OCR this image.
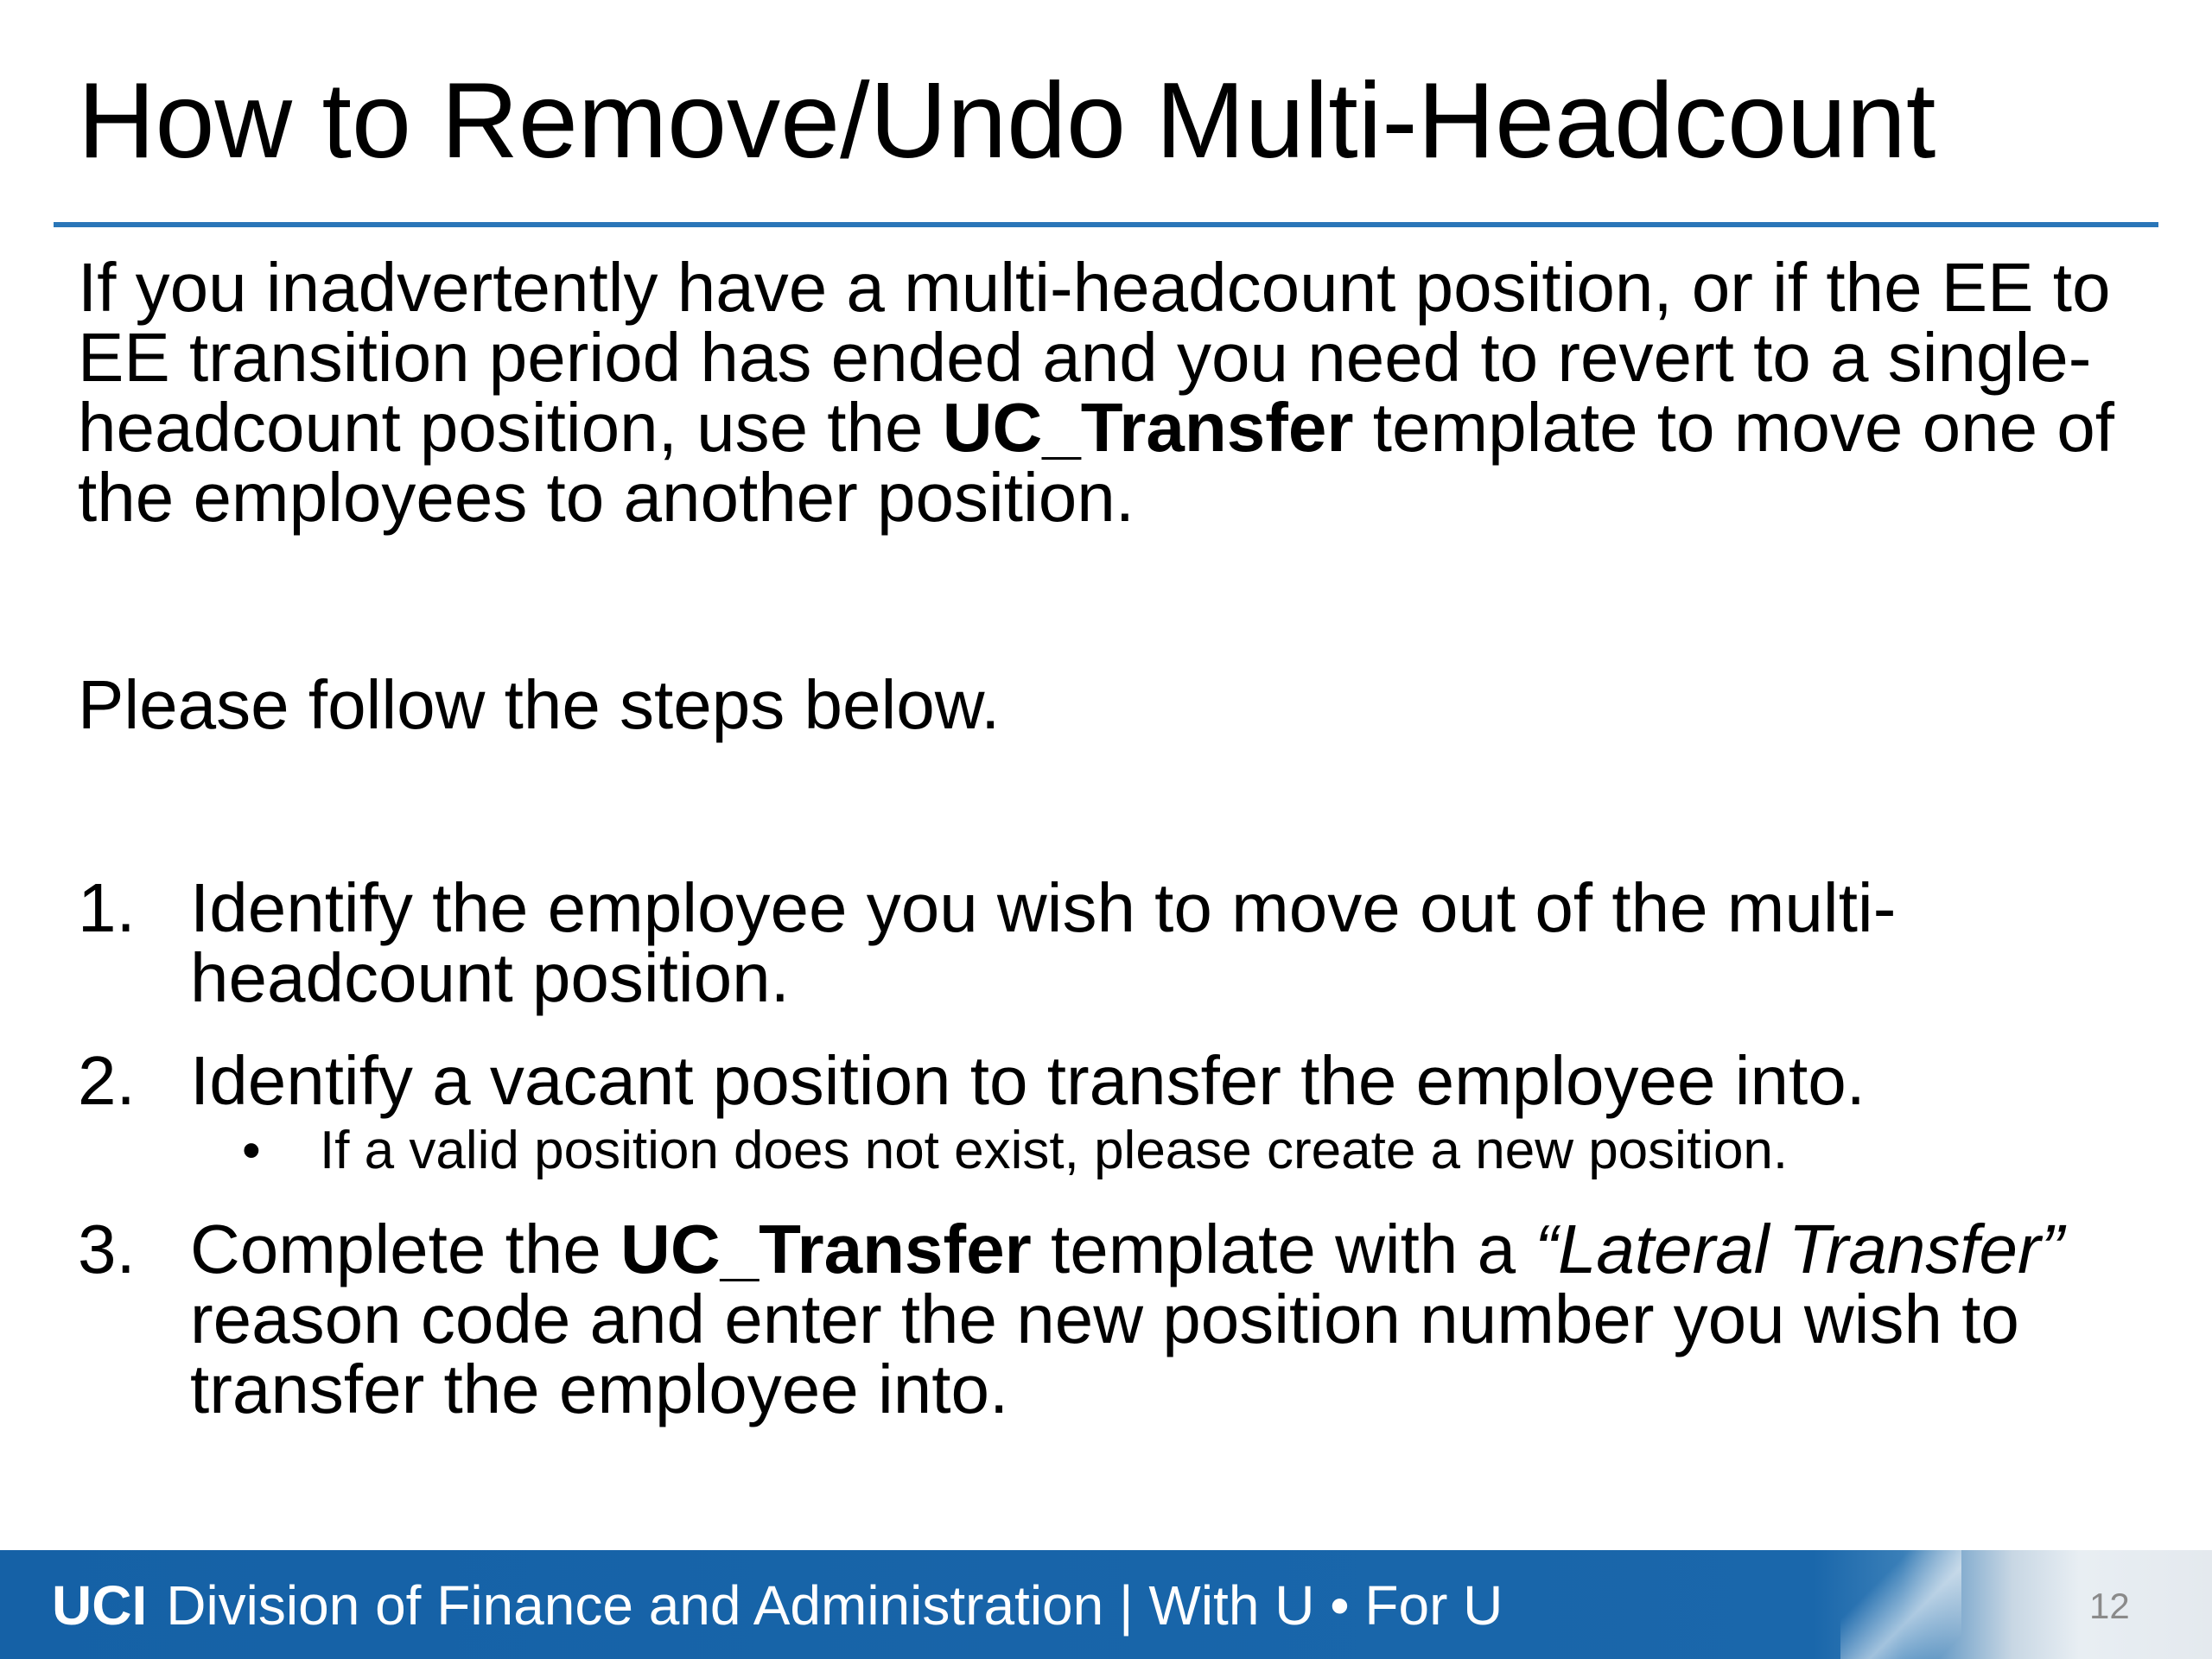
How to Remove/Undo Multi-Headcount

If you inadvertently have a multi-headcount position, or if the EE to EE transition period has ended and you need to revert to a single-headcount position, use the UC_Transfer template to move one of the employees to another position.

Please follow the steps below.

1. Identify the employee you wish to move out of the multi-headcount position.
2. Identify a vacant position to transfer the employee into.
• If a valid position does not exist, please create a new position.
3. Complete the UC_Transfer template with a “Lateral Transfer” reason code and enter the new position number you wish to transfer the employee into.
UCI Division of Finance and Administration | With U • For U	12
